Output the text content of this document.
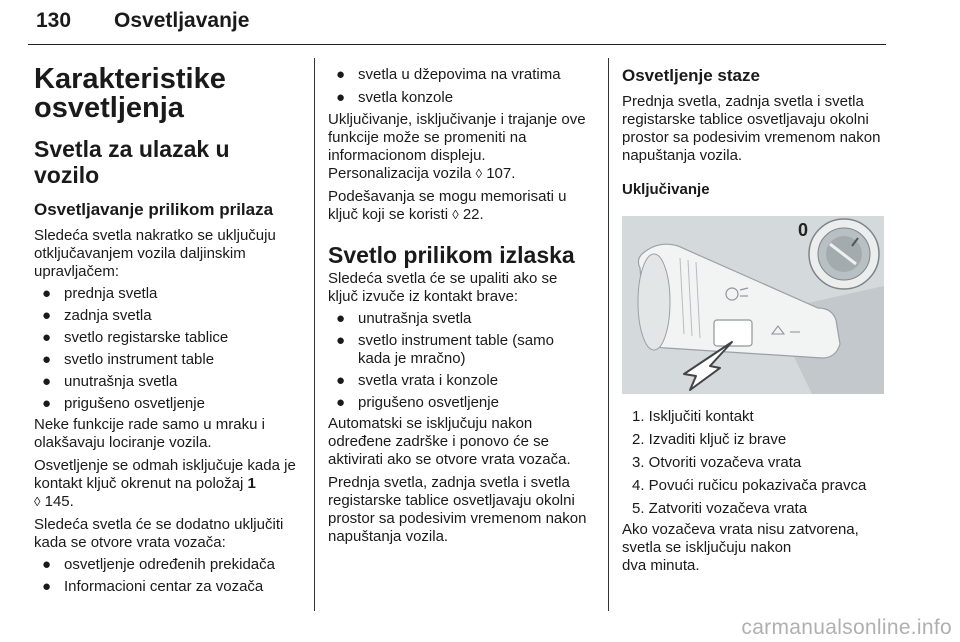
130 Osvetljavanje
Karakteristike
osvetljenja
Svetla za ulazak u vozilo
Osvetljavanje prilikom prilaza

Sledeća svetla nakratko se uključuju otključavanjem vozila daljinskim upravljačem:

● prednja svetla
● zadnja svetla
● svetlo registarske tablice
● svetlo instrument table
● unutrašnja svetla
● prigušeno osvetljenje

Neke funkcije rade samo u mraku i olakšavaju lociranje vozila.

Osvetljenje se odmah isključuje kada je kontakt ključ okrenut na položaj 1
◊ 145.

Sledeća svetla će se dodatno uključiti kada se otvore vrata vozača:

● osvetljenje određenih prekidača
● Informacioni centar za vozača
● svetla u džepovima na vratima
● svetla konzole

Uključivanje, isključivanje i trajanje ove funkcije može se promeniti na informacionom displeju. Personalizacija vozila ◊ 107.

Podešavanja se mogu memorisati u ključ koji se koristi ◊ 22.

Svetlo prilikom izlaska

Sledeća svetla će se upaliti ako se ključ izvuče iz kontakt brave:

● unutrašnja svetla
● svetlo instrument table (samo kada je mračno)
● svetla vrata i konzole
● prigušeno osvetljenje

Automatski se isključuju nakon određene zadrške i ponovo će se aktivirati ako se otvore vrata vozača.

Prednja svetla, zadnja svetla i svetla registarske tablice osvetljavaju okolni prostor sa podesivim vremenom nakon napuštanja vozila.

Osvetljenje staze

Prednja svetla, zadnja svetla i svetla registarske tablice osvetljavaju okolni prostor sa podesivim vremenom nakon napuštanja vozila.

Uključivanje
0
1. Isključiti kontakt
2. Izvaditi ključ iz brave
3. Otvoriti vozačeva vrata
4. Povući ručicu pokazivača pravca
5. Zatvoriti vozačeva vrata

Ako vozačeva vrata nisu zatvorena,
svetla se isključuju nakon
dva minuta.

carmanualsonline.info
